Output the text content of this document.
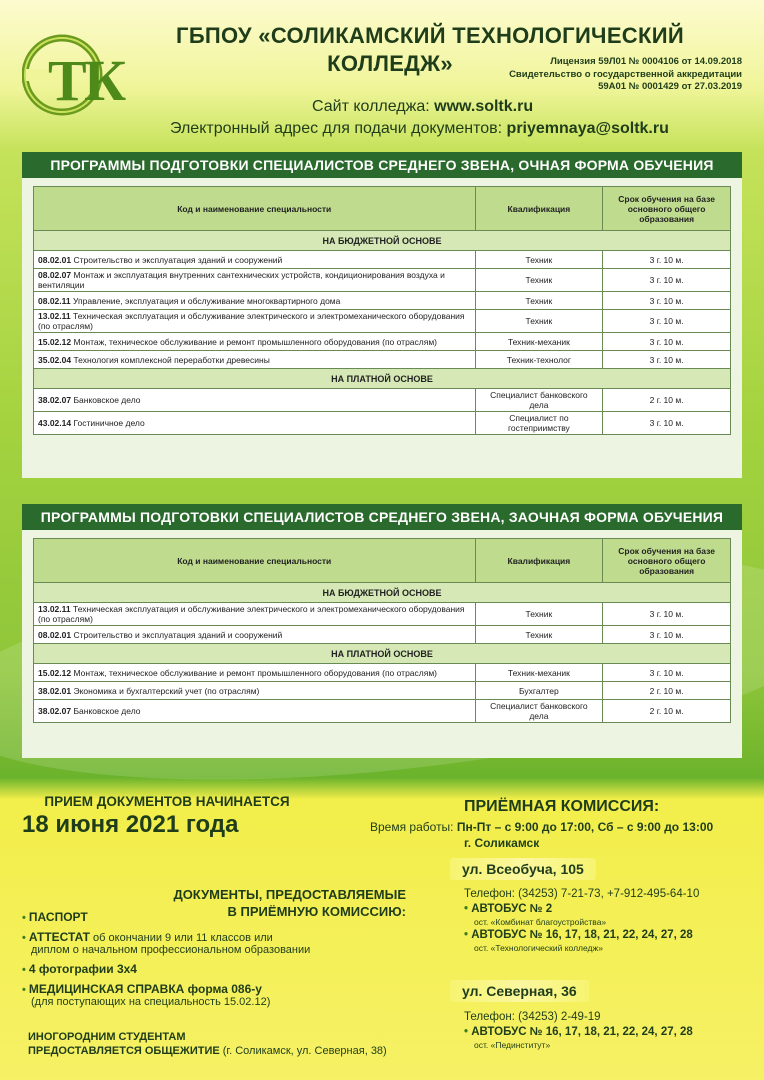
Т
К
ГБПОУ «СОЛИКАМСКИЙ ТЕХНОЛОГИЧЕСКИЙ
КОЛЛЕДЖ»	Лицензия 59Л01 № 0004106 от 14.09.2018
Свидетельство о государственной аккредитации
59А01 № 0001429 от 27.03.2019
Сайт колледжа: www.soltk.ru
Электронный адрес для подачи документов: priyemnaya@soltk.ru
ПРОГРАММЫ ПОДГОТОВКИ СПЕЦИАЛИСТОВ СРЕДНЕГО ЗВЕНА, ОЧНАЯ ФОРМА ОБУЧЕНИЯ
Код и наименование специальности	Квалификация	Срок обучения на базе основного общего образования
НА БЮДЖЕТНОЙ ОСНОВЕ		
08.02.01 Строительство и эксплуатация зданий и сооружений	Техник	3 г. 10 м.
08.02.07 Монтаж и эксплуатация внутренних сантехнических устройств, кондиционирования воздуха и вентиляции	Техник	3 г. 10 м.
08.02.11 Управление, эксплуатация и обслуживание многоквартирного дома	Техник	3 г. 10 м.
13.02.11 Техническая эксплуатация и обслуживание электрического и электромеханического оборудования (по отраслям)	Техник	3 г. 10 м.
15.02.12 Монтаж, техническое обслуживание и ремонт промышленного оборудования (по отраслям)	Техник-механик	3 г. 10 м.
35.02.04 Технология комплексной переработки древесины	Техник-технолог	3 г. 10 м.
НА ПЛАТНОЙ ОСНОВЕ		
38.02.07 Банковское дело	Специалист банковского дела	2 г. 10 м.
43.02.14 Гостиничное дело	Специалист по гостеприимству	3 г. 10 м.
ПРОГРАММЫ ПОДГОТОВКИ СПЕЦИАЛИСТОВ СРЕДНЕГО ЗВЕНА, ЗАОЧНАЯ ФОРМА ОБУЧЕНИЯ
Код и наименование специальности	Квалификация	Срок обучения на базе основного общего образования
НА БЮДЖЕТНОЙ ОСНОВЕ		
13.02.11 Техническая эксплуатация и обслуживание электрического и электромеханического оборудования (по отраслям)	Техник	3 г. 10 м.
08.02.01 Строительство и эксплуатация зданий и сооружений	Техник	3 г. 10 м.
НА ПЛАТНОЙ ОСНОВЕ		
15.02.12 Монтаж, техническое обслуживание и ремонт промышленного оборудования (по отраслям)	Техник-механик	3 г. 10 м.
38.02.01 Экономика и бухгалтерский учет (по отраслям)	Бухгалтер	2 г. 10 м.
38.02.07 Банковское дело	Специалист банковского дела	2 г. 10 м.
ПРИЕМ ДОКУМЕНТОВ НАЧИНАЕТСЯ
18 июня 2021 года
ДОКУМЕНТЫ, ПРЕДОСТАВЛЯЕМЫЕ
В ПРИЁМНУЮ КОМИССИЮ:
• ПАСПОРТ
• АТТЕСТАТ об окончании 9 или 11 классов или
диплом о начальном профессиональном образовании
• 4 фотографии 3х4
• МЕДИЦИНСКАЯ СПРАВКА форма 086-у
(для поступающих на специальность 15.02.12)
ИНОГОРОДНИМ СТУДЕНТАМ
ПРЕДОСТАВЛЯЕТСЯ ОБЩЕЖИТИЕ (г. Соликамск, ул. Северная, 38)
ПРИЁМНАЯ КОМИССИЯ:
Время работы: Пн-Пт – с 9:00 до 17:00, Сб – с 9:00 до 13:00
г. Соликамск
ул. Всеобуча, 105
Телефон: (34253) 7-21-73, +7-912-495-64-10
• АВТОБУС № 2
ост. «Комбинат благоустройства»
• АВТОБУС № 16, 17, 18, 21, 22, 24, 27, 28
ост. «Технологический колледж»
ул. Северная, 36
Телефон: (34253) 2-49-19
• АВТОБУС № 16, 17, 18, 21, 22, 24, 27, 28
ост. «Пединститут»
